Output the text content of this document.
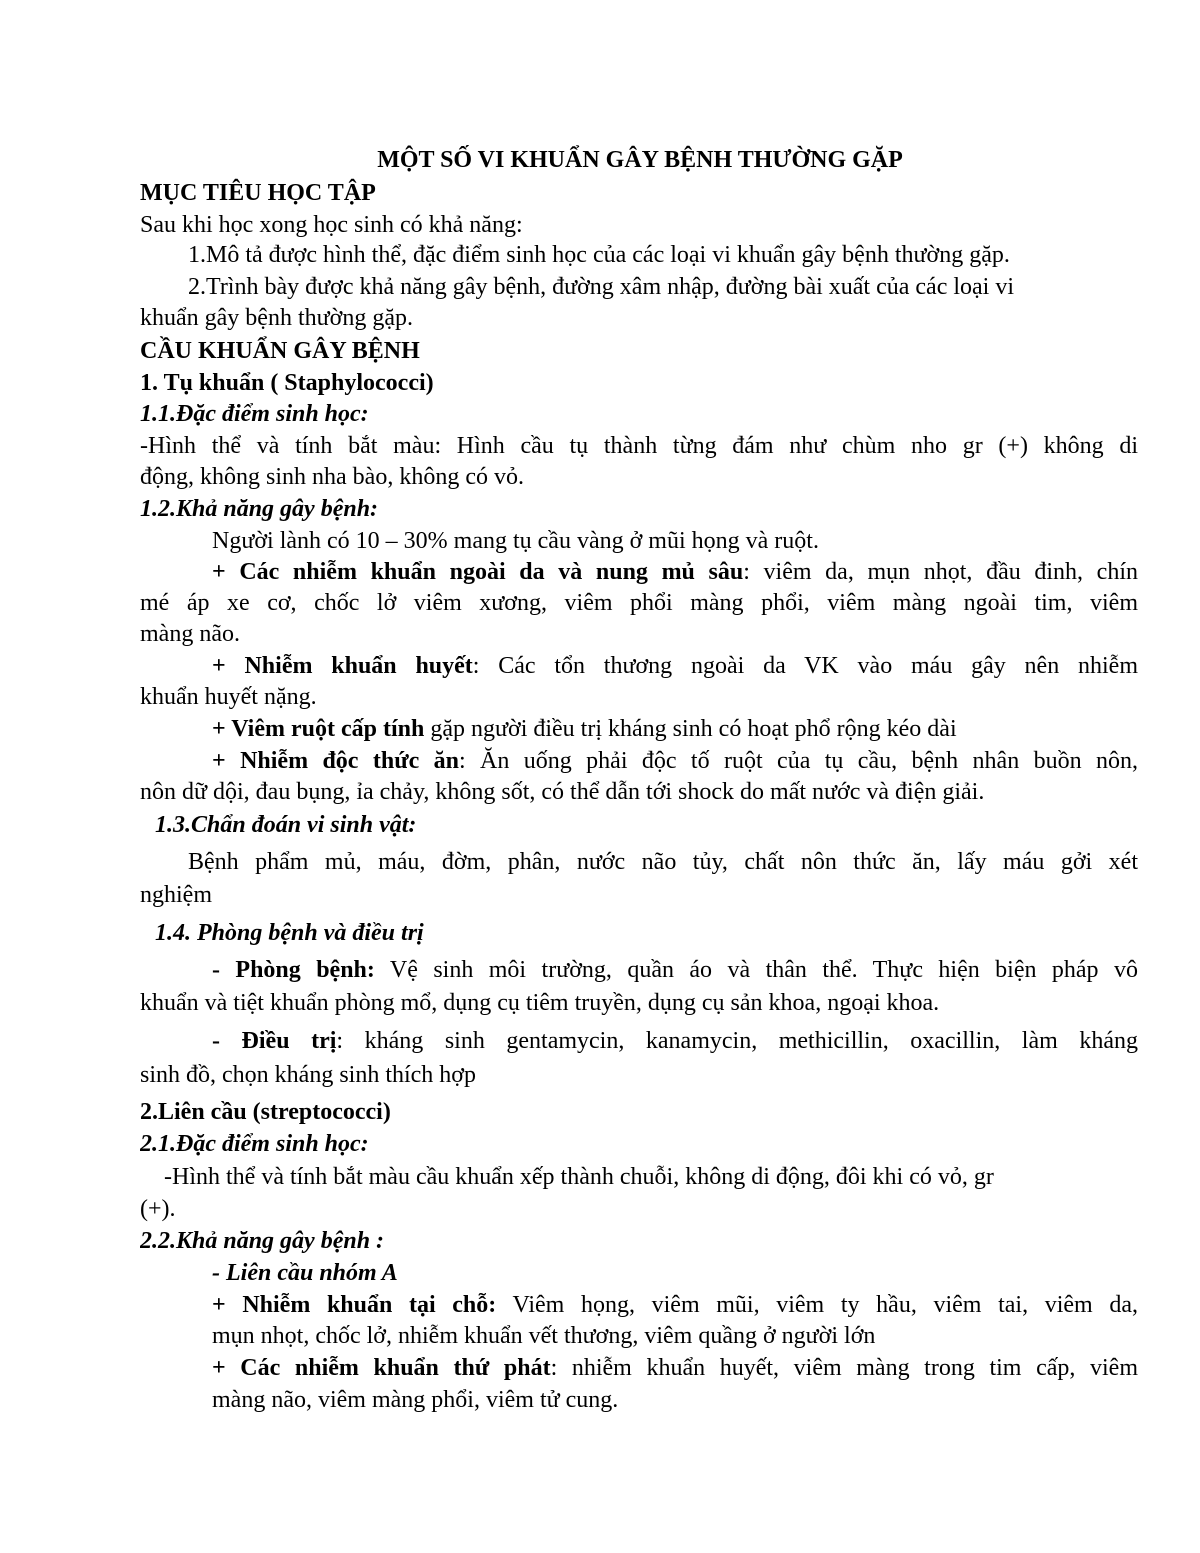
MỘT SỐ VI KHUẨN GÂY BỆNH THƯỜNG GẶP
MỤC TIÊU HỌC TẬP
Sau khi học xong học sinh có khả năng:
1.Mô tả được hình thể, đặc điểm sinh học của các loại vi khuẩn gây bệnh thường gặp.
2.Trình bày được khả năng gây bệnh, đường xâm nhập, đường bài xuất của các loại vi
khuẩn gây bệnh thường gặp.
CẦU KHUẨN GÂY BỆNH
1. Tụ khuẩn ( Staphylococci)
1.1.Đặc điểm sinh học:
-Hình thể và tính bắt màu: Hình cầu tụ thành từng đám như chùm nho gr (+) không di
động, không sinh nha bào, không có vỏ.
1.2.Khả năng gây bệnh:
Người lành có 10 – 30% mang tụ cầu vàng ở mũi họng và ruột.
+ Các nhiễm khuẩn ngoài da và nung mủ sâu: viêm da, mụn nhọt, đầu đinh, chín
mé áp xe cơ, chốc lở viêm xương, viêm phổi màng phổi, viêm màng ngoài tim, viêm
màng não.
+ Nhiễm khuẩn huyết: Các tổn thương ngoài da VK vào máu gây nên nhiễm
khuẩn huyết nặng.
+ Viêm ruột cấp tính gặp người điều trị kháng sinh có hoạt phổ rộng kéo dài
+ Nhiễm độc thức ăn: Ăn uống phải độc tố ruột của tụ cầu, bệnh nhân buồn nôn,
nôn dữ dội, đau bụng, ỉa chảy, không sốt, có thể dẫn tới shock do mất nước và điện giải.
1.3.Chẩn đoán vi sinh vật:
Bệnh phẩm mủ, máu, đờm, phân, nước não tủy, chất nôn thức ăn, lấy máu gởi xét
nghiệm
1.4. Phòng bệnh và điều trị
- Phòng bệnh: Vệ sinh môi trường, quần áo và thân thể. Thực hiện biện pháp vô
khuẩn và tiệt khuẩn phòng mổ, dụng cụ tiêm truyền, dụng cụ sản khoa, ngoại khoa.
- Điều trị: kháng sinh gentamycin, kanamycin, methicillin, oxacillin, làm kháng
sinh đồ, chọn kháng sinh thích hợp
2.Liên cầu (streptococci)
2.1.Đặc điểm sinh học:
-Hình thể và tính bắt màu cầu khuẩn xếp thành chuỗi, không di động, đôi khi có vỏ, gr
(+).
2.2.Khả năng gây bệnh :
- Liên cầu nhóm A
+ Nhiễm khuẩn tại chỗ: Viêm họng, viêm mũi, viêm ty hầu, viêm tai, viêm da,
mụn nhọt, chốc lở, nhiễm khuẩn vết thương, viêm quầng ở người lớn
+ Các nhiễm khuẩn thứ phát: nhiễm khuẩn huyết, viêm màng trong tim cấp, viêm
màng não, viêm màng phổi, viêm tử cung.
